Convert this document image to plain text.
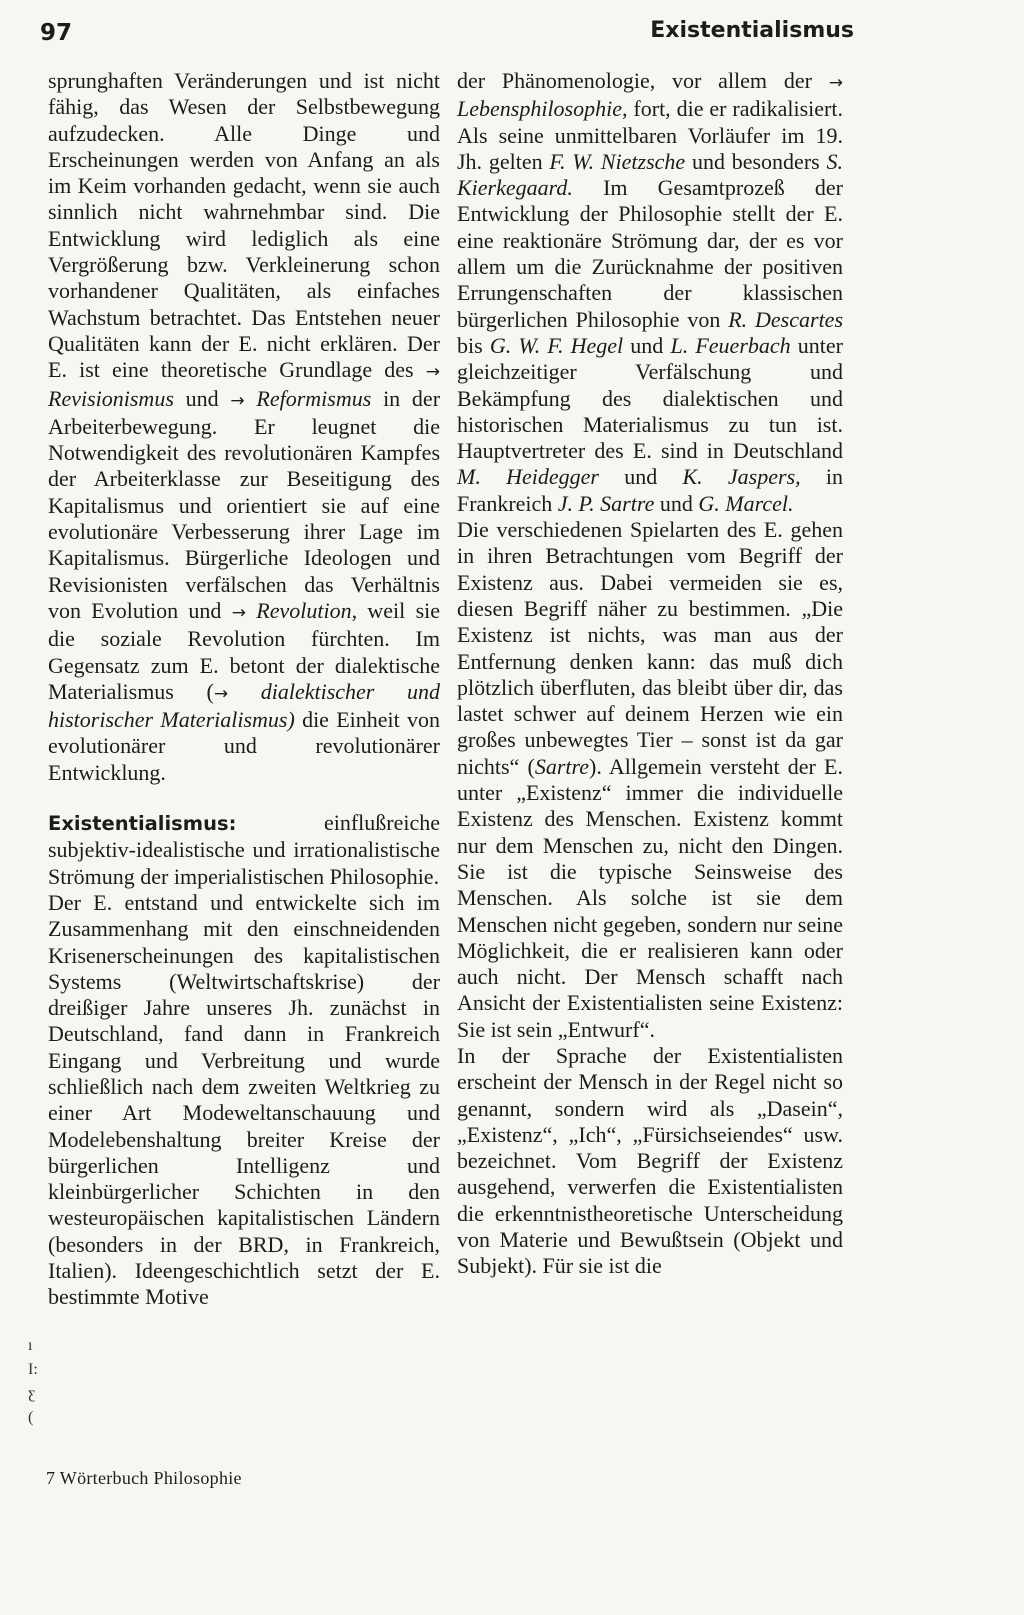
97	Existentialismus

sprunghaften Veränderungen und ist nicht fähig, das Wesen der Selbstbewegung aufzudecken. Alle Dinge und Erscheinungen werden von Anfang an als im Keim vorhanden gedacht, wenn sie auch sinnlich nicht wahrnehmbar sind. Die Entwicklung wird lediglich als eine Vergrößerung bzw. Verkleinerung schon vorhandener Qualitäten, als einfaches Wachstum betrachtet. Das Entstehen neuer Qualitäten kann der E. nicht erklären. Der E. ist eine theoretische Grundlage des → Revisionismus und → Reformismus in der Arbeiterbewegung. Er leugnet die Notwendigkeit des revolutionären Kampfes der Arbeiterklasse zur Beseitigung des Kapitalismus und orientiert sie auf eine evolutionäre Verbesserung ihrer Lage im Kapitalismus. Bürgerliche Ideologen und Revisionisten verfälschen das Verhältnis von Evolution und → Revolution, weil sie die soziale Revolution fürchten. Im Gegensatz zum E. betont der dialektische Materialismus (→ dialektischer und historischer Materialismus) die Einheit von evolutionärer und revolutionärer Entwicklung.

Existentialismus: einflußreiche subjektiv-idealistische und irrationalistische Strömung der imperialistischen Philosophie.

Der E. entstand und entwickelte sich im Zusammenhang mit den einschneidenden Krisenerscheinungen des kapitalistischen Systems (Weltwirtschaftskrise) der dreißiger Jahre unseres Jh. zunächst in Deutschland, fand dann in Frankreich Eingang und Verbreitung und wurde schließlich nach dem zweiten Weltkrieg zu einer Art Modeweltanschauung und Modelebenshaltung breiter Kreise der bürgerlichen Intelligenz und kleinbürgerlicher Schichten in den westeuropäischen kapitalistischen Ländern (besonders in der BRD, in Frankreich, Italien). Ideengeschichtlich setzt der E. bestimmte Motive

der Phänomenologie, vor allem der → Lebensphilosophie, fort, die er radikalisiert. Als seine unmittelbaren Vorläufer im 19. Jh. gelten F. W. Nietzsche und besonders S. Kierkegaard. Im Gesamtprozeß der Entwicklung der Philosophie stellt der E. eine reaktionäre Strömung dar, der es vor allem um die Zurücknahme der positiven Errungenschaften der klassischen bürgerlichen Philosophie von R. Descartes bis G. W. F. Hegel und L. Feuerbach unter gleichzeitiger Verfälschung und Bekämpfung des dialektischen und historischen Materialismus zu tun ist. Hauptvertreter des E. sind in Deutschland M. Heidegger und K. Jaspers, in Frankreich J. P. Sartre und G. Marcel.

Die verschiedenen Spielarten des E. gehen in ihren Betrachtungen vom Begriff der Existenz aus. Dabei vermeiden sie es, diesen Begriff näher zu bestimmen. „Die Existenz ist nichts, was man aus der Entfernung denken kann: das muß dich plötzlich überfluten, das bleibt über dir, das lastet schwer auf deinem Herzen wie ein großes unbewegtes Tier – sonst ist da gar nichts“ (Sartre). Allgemein versteht der E. unter „Existenz“ immer die individuelle Existenz des Menschen. Existenz kommt nur dem Menschen zu, nicht den Dingen. Sie ist die typische Seinsweise des Menschen. Als solche ist sie dem Menschen nicht gegeben, sondern nur seine Möglichkeit, die er realisieren kann oder auch nicht. Der Mensch schafft nach Ansicht der Existentialisten seine Existenz: Sie ist sein „Entwurf“.

In der Sprache der Existentialisten erscheint der Mensch in der Regel nicht so genannt, sondern wird als „Dasein“, „Existenz“, „Ich“, „Fürsichseiendes“ usw. bezeichnet. Vom Begriff der Existenz ausgehend, verwerfen die Existentialisten die erkenntnistheoretische Unterscheidung von Materie und Bewußtsein (Objekt und Subjekt). Für sie ist die

ı
I:
ƹ
(
7 Wörterbuch Philosophie
